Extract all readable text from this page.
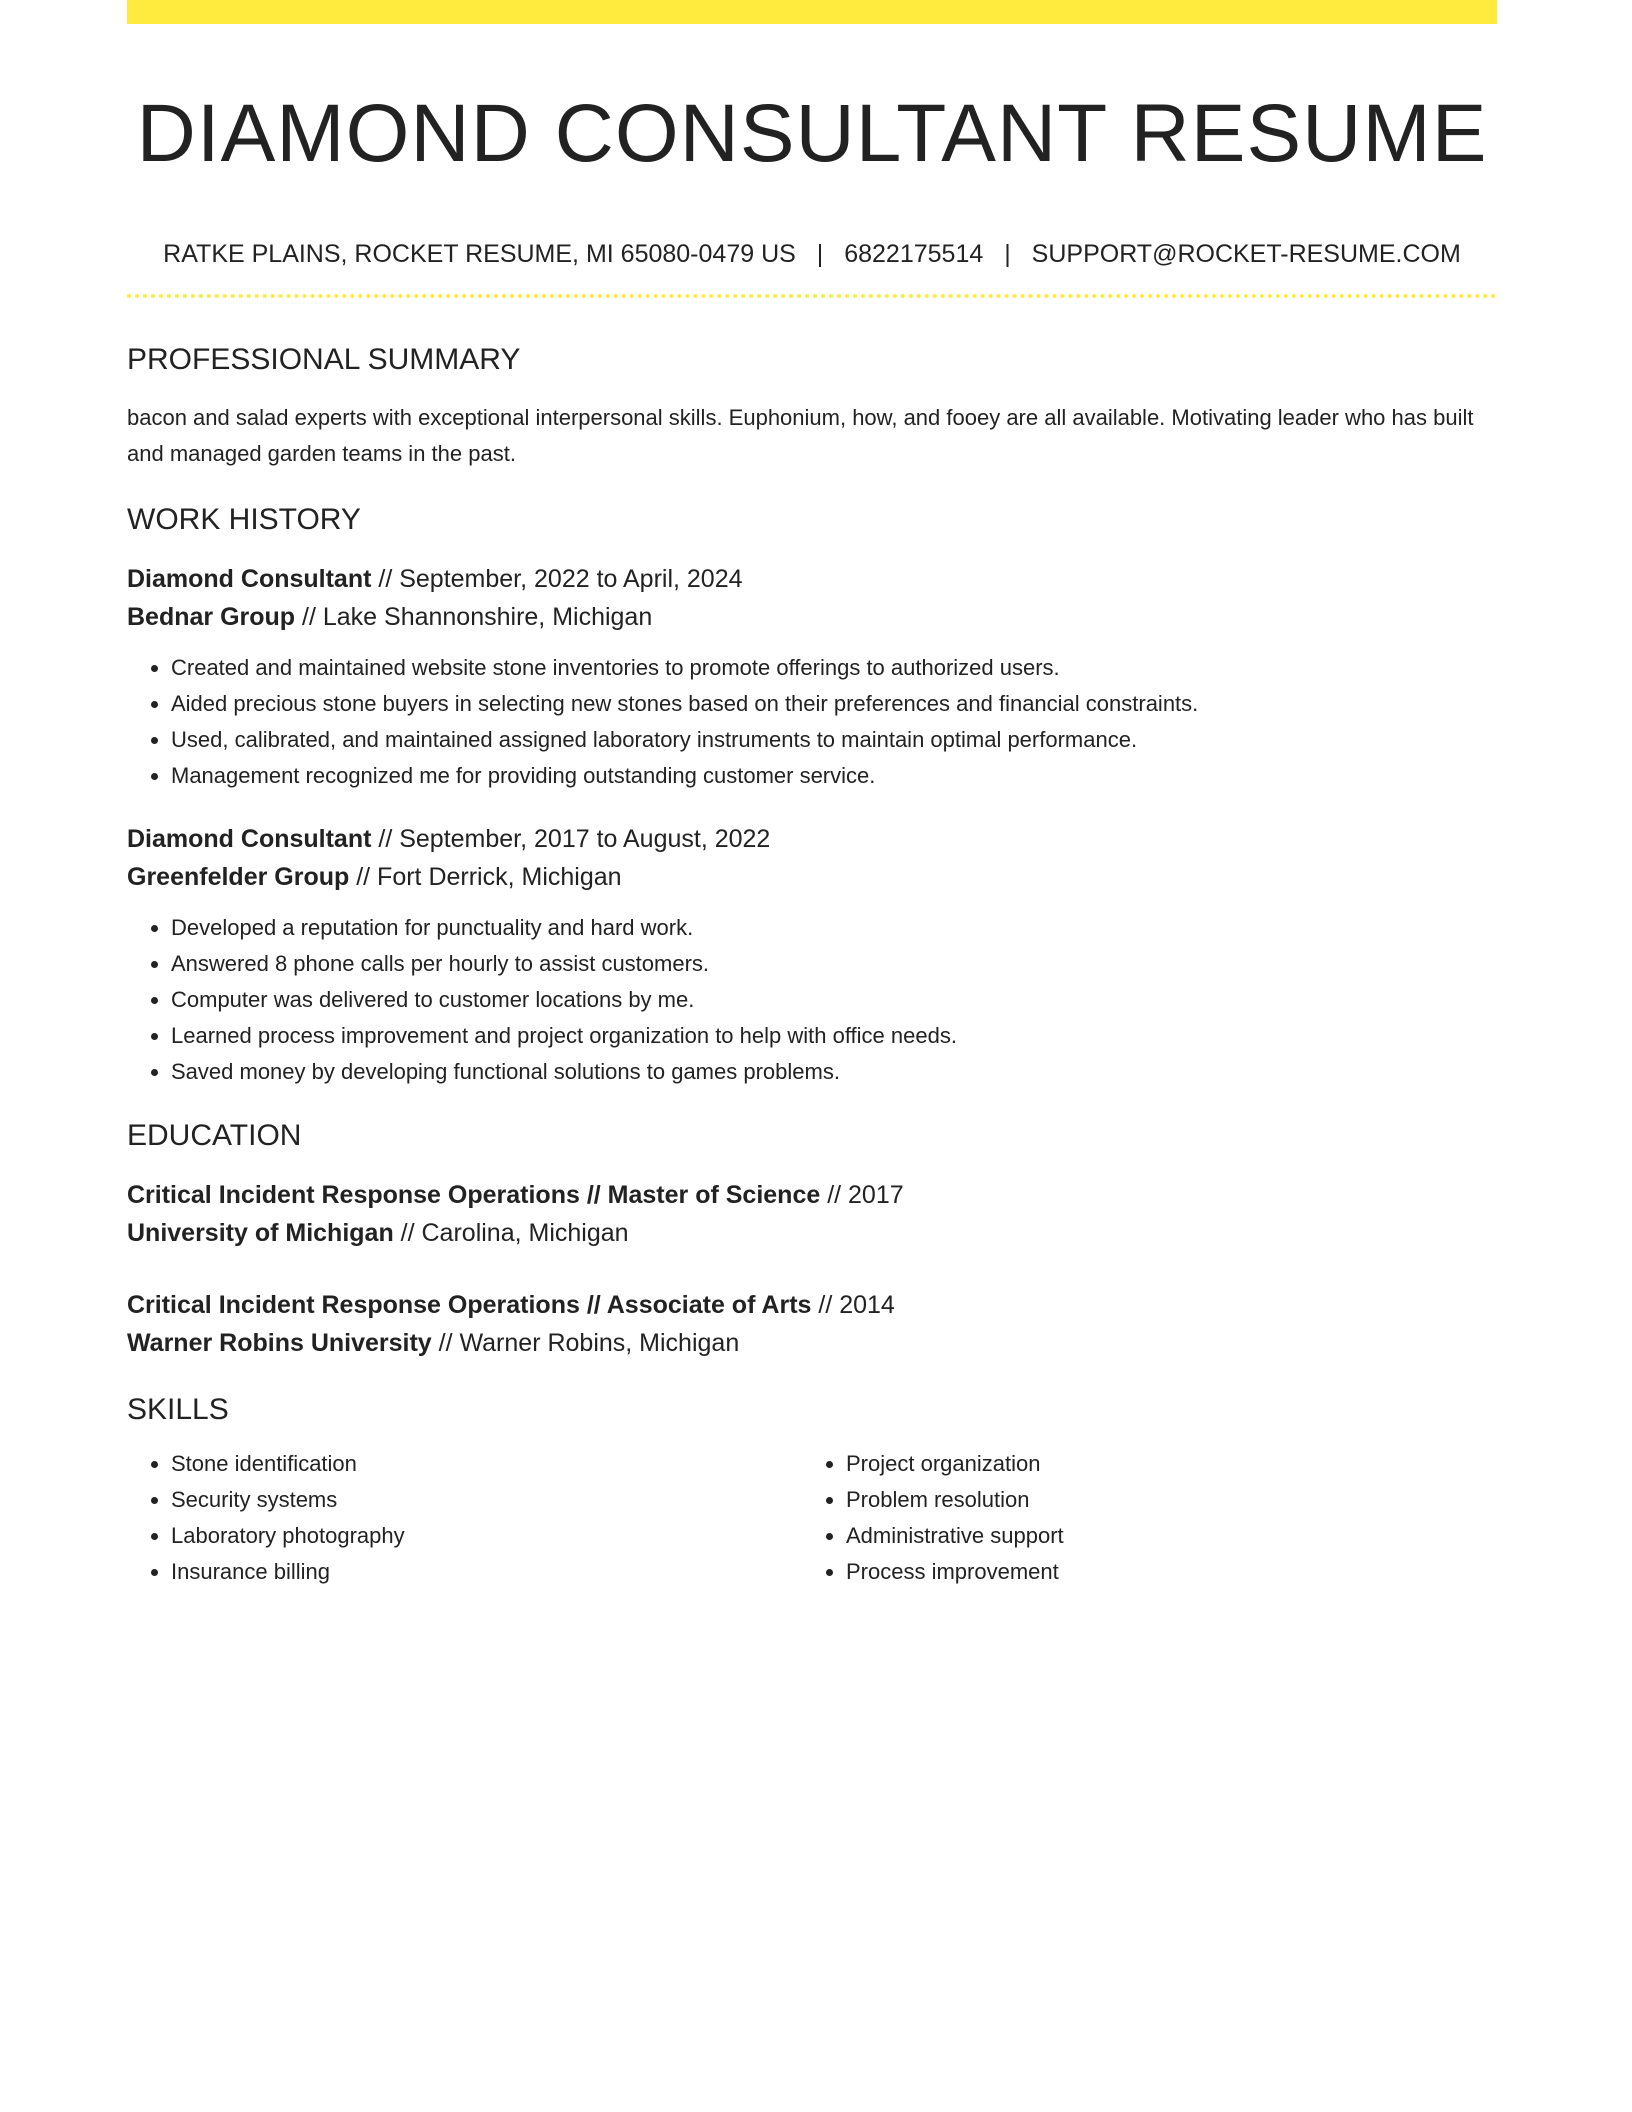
DIAMOND CONSULTANT RESUME
RATKE PLAINS, ROCKET RESUME, MI 65080-0479 US | 6822175514 | SUPPORT@ROCKET-RESUME.COM
PROFESSIONAL SUMMARY
bacon and salad experts with exceptional interpersonal skills. Euphonium, how, and fooey are all available. Motivating leader who has built and managed garden teams in the past.
WORK HISTORY
Diamond Consultant // September, 2022 to April, 2024
Bednar Group // Lake Shannonshire, Michigan
• Created and maintained website stone inventories to promote offerings to authorized users.
• Aided precious stone buyers in selecting new stones based on their preferences and financial constraints.
• Used, calibrated, and maintained assigned laboratory instruments to maintain optimal performance.
• Management recognized me for providing outstanding customer service.
Diamond Consultant // September, 2017 to August, 2022
Greenfelder Group // Fort Derrick, Michigan
• Developed a reputation for punctuality and hard work.
• Answered 8 phone calls per hourly to assist customers.
• Computer was delivered to customer locations by me.
• Learned process improvement and project organization to help with office needs.
• Saved money by developing functional solutions to games problems.
EDUCATION
Critical Incident Response Operations // Master of Science // 2017
University of Michigan // Carolina, Michigan
Critical Incident Response Operations // Associate of Arts // 2014
Warner Robins University // Warner Robins, Michigan
SKILLS
• Stone identification
• Security systems
• Laboratory photography
• Insurance billing
• Project organization
• Problem resolution
• Administrative support
• Process improvement
